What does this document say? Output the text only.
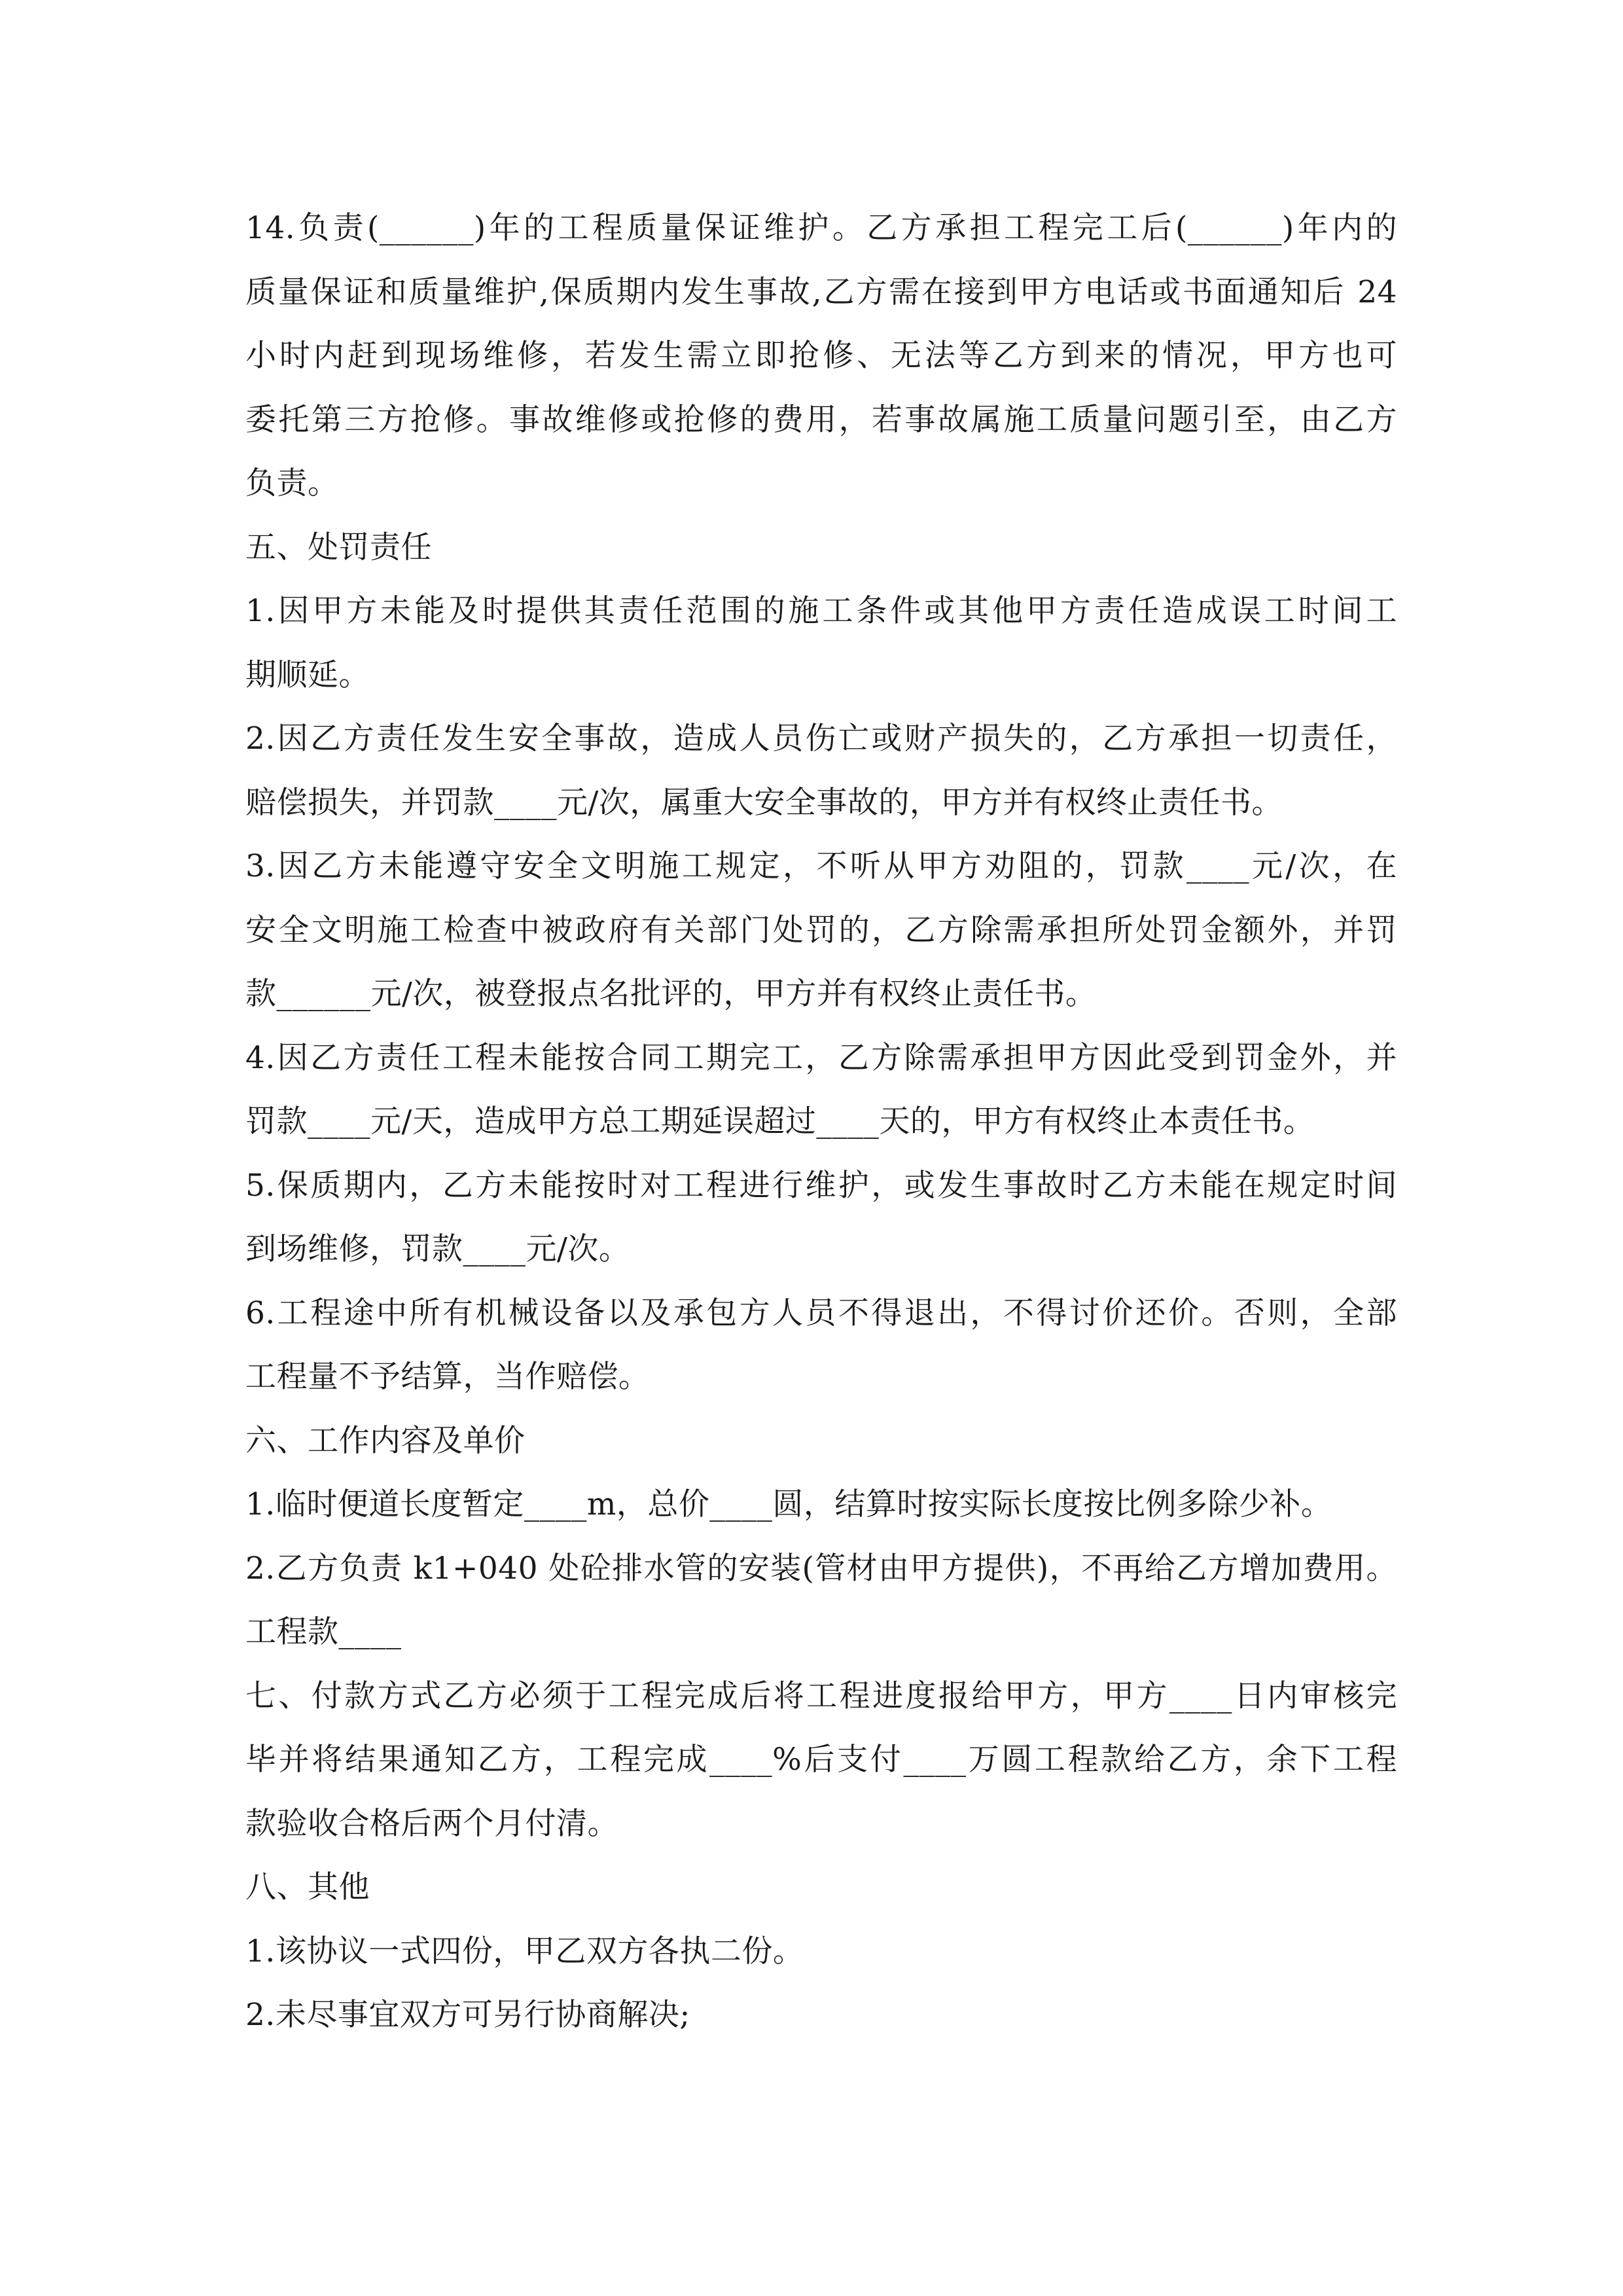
14.负责(______)年的工程质量保证维护。乙方承担工程完工后(______)年内的
质量保证和质量维护,保质期内发生事故,乙方需在接到甲方电话或书面通知后 24
小时内赶到现场维修，若发生需立即抢修、无法等乙方到来的情况，甲方也可
委托第三方抢修。事故维修或抢修的费用，若事故属施工质量问题引至，由乙方
负责。
五、处罚责任
1.因甲方未能及时提供其责任范围的施工条件或其他甲方责任造成误工时间工
期顺延。
2.因乙方责任发生安全事故，造成人员伤亡或财产损失的，乙方承担一切责任，
赔偿损失，并罚款____元/次，属重大安全事故的，甲方并有权终止责任书。
3.因乙方未能遵守安全文明施工规定，不听从甲方劝阻的，罚款____元/次，在
安全文明施工检查中被政府有关部门处罚的，乙方除需承担所处罚金额外，并罚
款______元/次，被登报点名批评的，甲方并有权终止责任书。
4.因乙方责任工程未能按合同工期完工，乙方除需承担甲方因此受到罚金外，并
罚款____元/天，造成甲方总工期延误超过____天的，甲方有权终止本责任书。
5.保质期内，乙方未能按时对工程进行维护，或发生事故时乙方未能在规定时间
到场维修，罚款____元/次。
6.工程途中所有机械设备以及承包方人员不得退出，不得讨价还价。否则，全部
工程量不予结算，当作赔偿。
六、工作内容及单价
1.临时便道长度暂定____m，总价____圆，结算时按实际长度按比例多除少补。
2.乙方负责 k1+040 处砼排水管的安装(管材由甲方提供)，不再给乙方增加费用。
工程款____
七、付款方式乙方必须于工程完成后将工程进度报给甲方，甲方____日内审核完
毕并将结果通知乙方，工程完成____%后支付____万圆工程款给乙方，余下工程
款验收合格后两个月付清。
八、其他
1.该协议一式四份，甲乙双方各执二份。
2.未尽事宜双方可另行协商解决;
